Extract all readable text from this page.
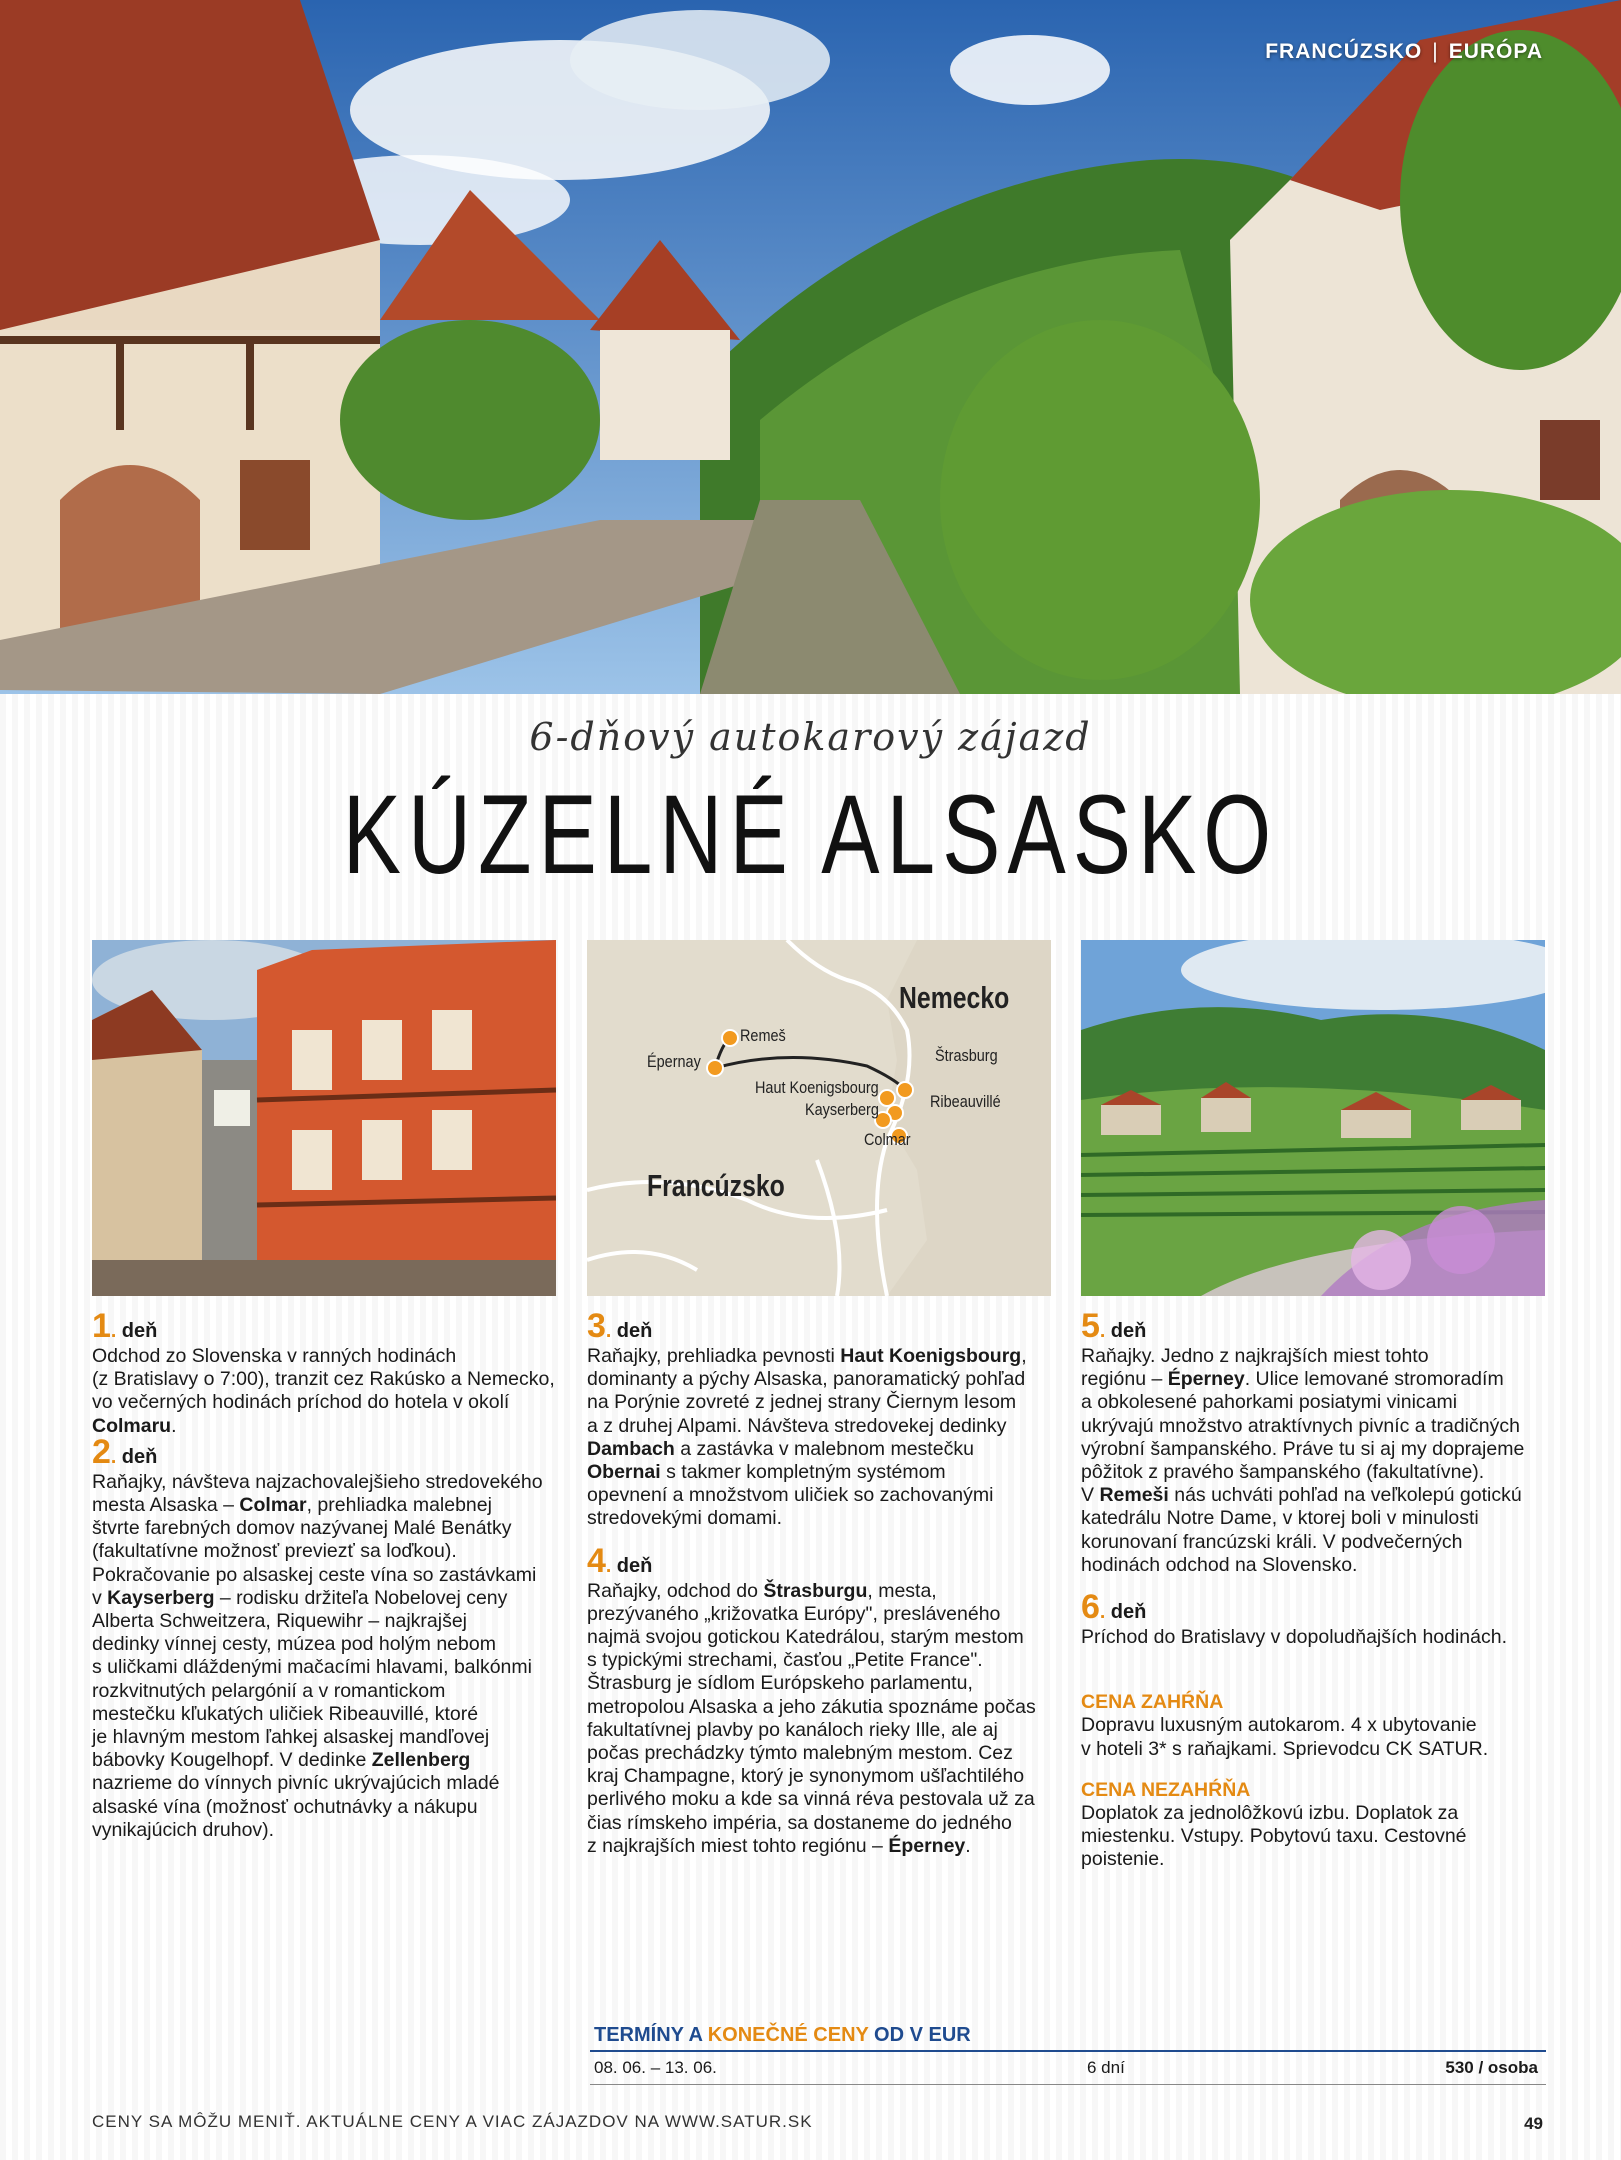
FRANCÚZSKO | EURÓPA
6-dňový autokarový zájazd
KÚZELNÉ ALSASKO
Nemecko
Francúzsko
Remeš
Épernay	Štrasburg
Haut Koenigsbourg
Ribeauvillé
Kayserberg
Colmar
1. deň
Odchod zo Slovenska v ranných hodinách
(z Bratislavy o 7:00), tranzit cez Rakúsko a Nemecko,
vo večerných hodinách príchod do hotela v okolí
Colmaru.
2. deň
Raňajky, návšteva najzachovalejšieho stredovekého
mesta Alsaska – Colmar, prehliadka malebnej
štvrte farebných domov nazývanej Malé Benátky
(fakultatívne možnosť previezť sa loďkou).
Pokračovanie po alsaskej ceste vína so zastávkami
v Kayserberg – rodisku držiteľa Nobelovej ceny
Alberta Schweitzera, Riquewihr – najkrajšej
dedinky vínnej cesty, múzea pod holým nebom
s uličkami dláždenými mačacími hlavami, balkónmi
rozkvitnutých pelargónií a v romantickom
mestečku kľukatých uličiek Ribeauvillé, ktoré
je hlavným mestom ľahkej alsaskej mandľovej
bábovky Kougelhopf. V dedinke Zellenberg
nazrieme do vínnych pivníc ukrývajúcich mladé
alsaské vína (možnosť ochutnávky a nákupu
vynikajúcich druhov).
3. deň
Raňajky, prehliadka pevnosti Haut Koenigsbourg,
dominanty a pýchy Alsaska, panoramatický pohľad
na Porýnie zovreté z jednej strany Čiernym lesom
a z druhej Alpami. Návšteva stredovekej dedinky
Dambach a zastávka v malebnom mestečku
Obernai s takmer kompletným systémom
opevnení a množstvom uličiek so zachovanými
stredovekými domami.
4. deň
Raňajky, odchod do Štrasburgu, mesta,
prezývaného „križovatka Európy", presláveného
najmä svojou gotickou Katedrálou, starým mestom
s typickými strechami, časťou „Petite France".
Štrasburg je sídlom Európskeho parlamentu,
metropolou Alsaska a jeho zákutia spoznáme počas
fakultatívnej plavby po kanáloch rieky Ille, ale aj
počas prechádzky týmto malebným mestom. Cez
kraj Champagne, ktorý je synonymom ušľachtilého
perlivého moku a kde sa vinná réva pestovala už za
čias rímskeho impéria, sa dostaneme do jedného
z najkrajších miest tohto regiónu – Éperney.
5. deň
Raňajky. Jedno z najkrajších miest tohto
regiónu – Éperney. Ulice lemované stromoradím
a obkolesené pahorkami posiatymi vinicami
ukrývajú množstvo atraktívnych pivníc a tradičných
výrobní šampanského. Práve tu si aj my doprajeme
pôžitok z pravého šampanského (fakultatívne).
V Remeši nás uchváti pohľad na veľkolepú gotickú
katedrálu Notre Dame, v ktorej boli v minulosti
korunovaní francúzski králi. V podvečerných
hodinách odchod na Slovensko.
6. deň
Príchod do Bratislavy v dopoludňajších hodinách.
CENA ZAHŔŇA
Dopravu luxusným autokarom. 4 x ubytovanie
v hoteli 3* s raňajkami. Sprievodcu CK SATUR.
CENA NEZAHŔŇA
Doplatok za jednolôžkovú izbu. Doplatok za
miestenku. Vstupy. Pobytovú taxu. Cestovné
poistenie.
TERMÍNY A KONEČNÉ CENY OD V EUR
08. 06. – 13. 06.	6 dní	530 / osoba
CENY SA MÔŽU MENIŤ. AKTUÁLNE CENY A VIAC ZÁJAZDOV NA WWW.SATUR.SK	49
